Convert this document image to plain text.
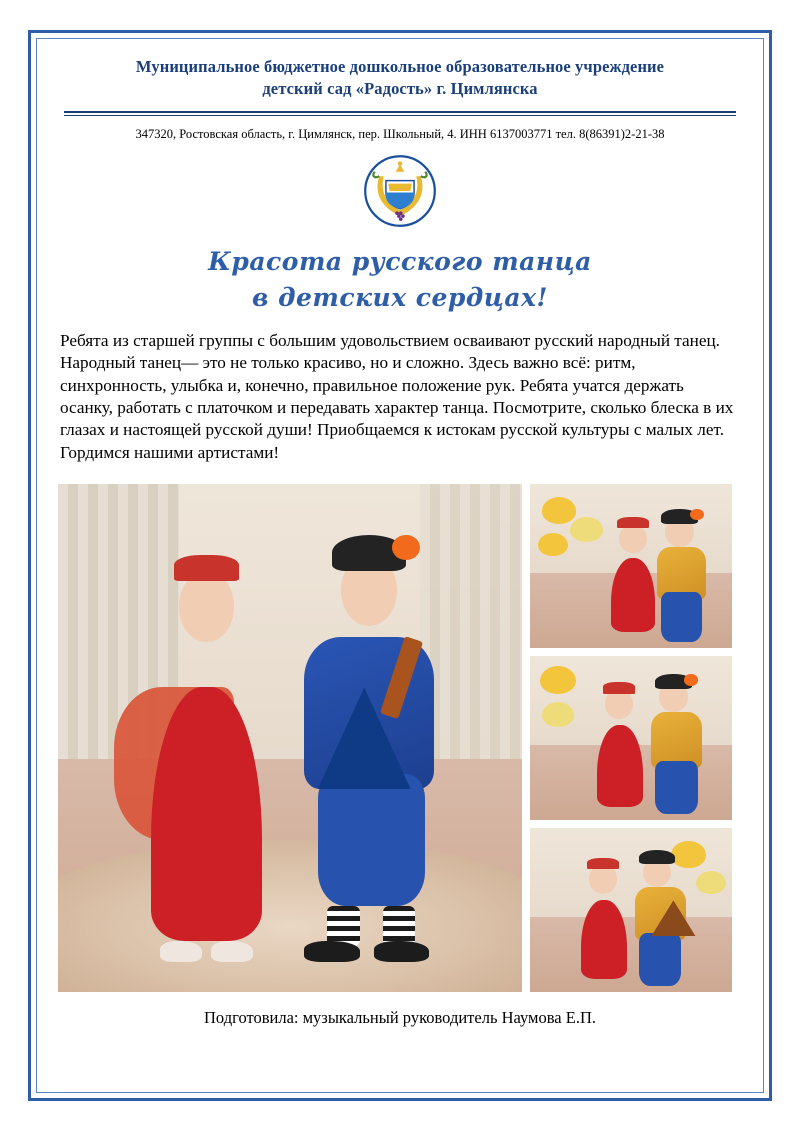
Муниципальное бюджетное дошкольное образовательное учреждение
детский сад «Радость» г. Цимлянска
347320, Ростовская область, г. Цимлянск, пер. Школьный, 4. ИНН 6137003771 тел. 8(86391)2-21-38
Красота русского танца
в детских сердцах!
Ребята из старшей группы с большим удовольствием осваивают русский народный танец. Народный танец— это не только красиво, но и сложно. Здесь важно всё: ритм, синхронность, улыбка и, конечно, правильное положение рук. Ребята учатся держать осанку, работать с платочком и передавать характер танца. Посмотрите, сколько блеска в их глазах и настоящей русской души! Приобщаемся к истокам русской культуры с малых лет. Гордимся нашими артистами!
Подготовила: музыкальный руководитель Наумова Е.П.
